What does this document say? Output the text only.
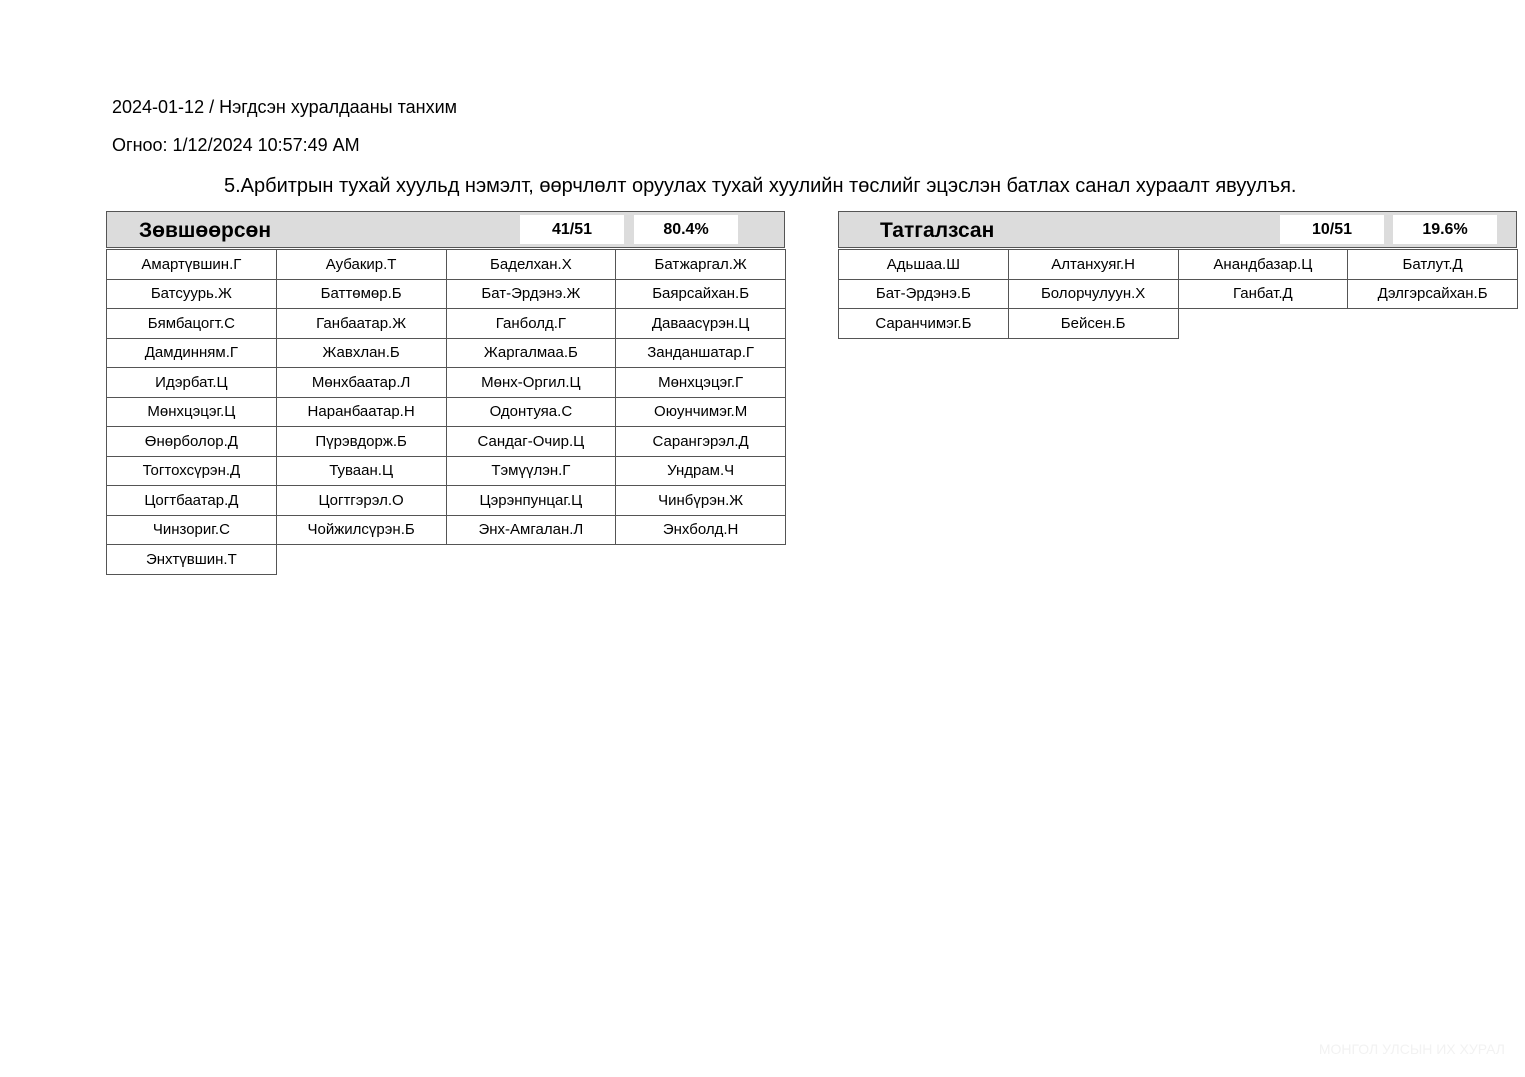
2024-01-12 / Нэгдсэн хуралдааны танхим
Огноо: 1/12/2024 10:57:49 AM
5.Арбитрын тухай хуульд нэмэлт, өөрчлөлт оруулах тухай хуулийн төслийг эцэслэн батлах санал хураалт явуулъя.
Зөвшөөрсөн	41/51	80.4%
Амартүвшин.Г	Аубакир.Т	Баделхан.Х	Батжаргал.Ж
Батсуурь.Ж	Баттөмөр.Б	Бат-Эрдэнэ.Ж	Баярсайхан.Б
Бямбацогт.С	Ганбаатар.Ж	Ганболд.Г	Даваасүрэн.Ц
Дамдинням.Г	Жавхлан.Б	Жаргалмаа.Б	Занданшатар.Г
Идэрбат.Ц	Мөнхбаатар.Л	Мөнх-Оргил.Ц	Мөнхцэцэг.Г
Мөнхцэцэг.Ц	Наранбаатар.Н	Одонтуяа.С	Оюунчимэг.М
Өнөрболор.Д	Пүрэвдорж.Б	Сандаг-Очир.Ц	Сарангэрэл.Д
Тогтохсүрэн.Д	Туваан.Ц	Тэмүүлэн.Г	Ундрам.Ч
Цогтбаатар.Д	Цогтгэрэл.О	Цэрэнпунцаг.Ц	Чинбүрэн.Ж
Чинзориг.С	Чойжилсүрэн.Б	Энх-Амгалан.Л	Энхболд.Н
Энхтүвшин.Т
Татгалзсан	10/51	19.6%
Адьшаа.Ш	Алтанхуяг.Н	Анандбазар.Ц	Батлут.Д
Бат-Эрдэнэ.Б	Болорчулуун.Х	Ганбат.Д	Дэлгэрсайхан.Б
Саранчимэг.Б	Бейсен.Б
МОНГОЛ УЛСЫН ИХ ХУРАЛ
